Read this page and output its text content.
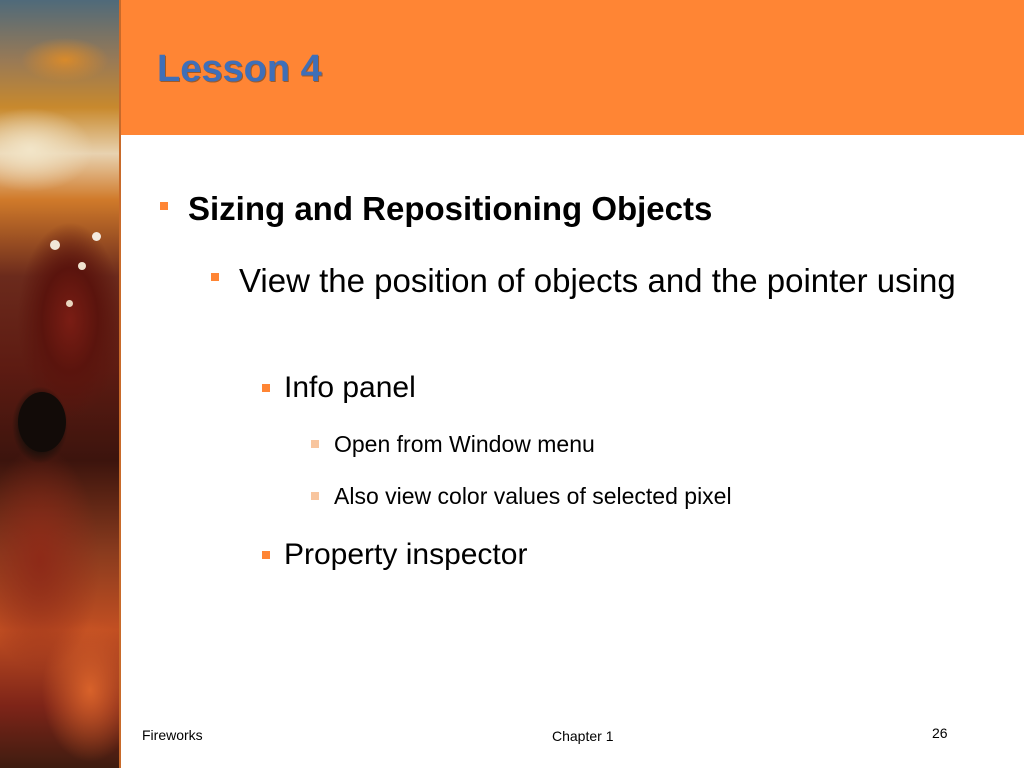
Lesson 4
Sizing and Repositioning Objects
View the position of objects and the pointer using
Info panel
Open from Window menu
Also view color values of selected pixel
Property inspector
Fireworks	Chapter 1	26
